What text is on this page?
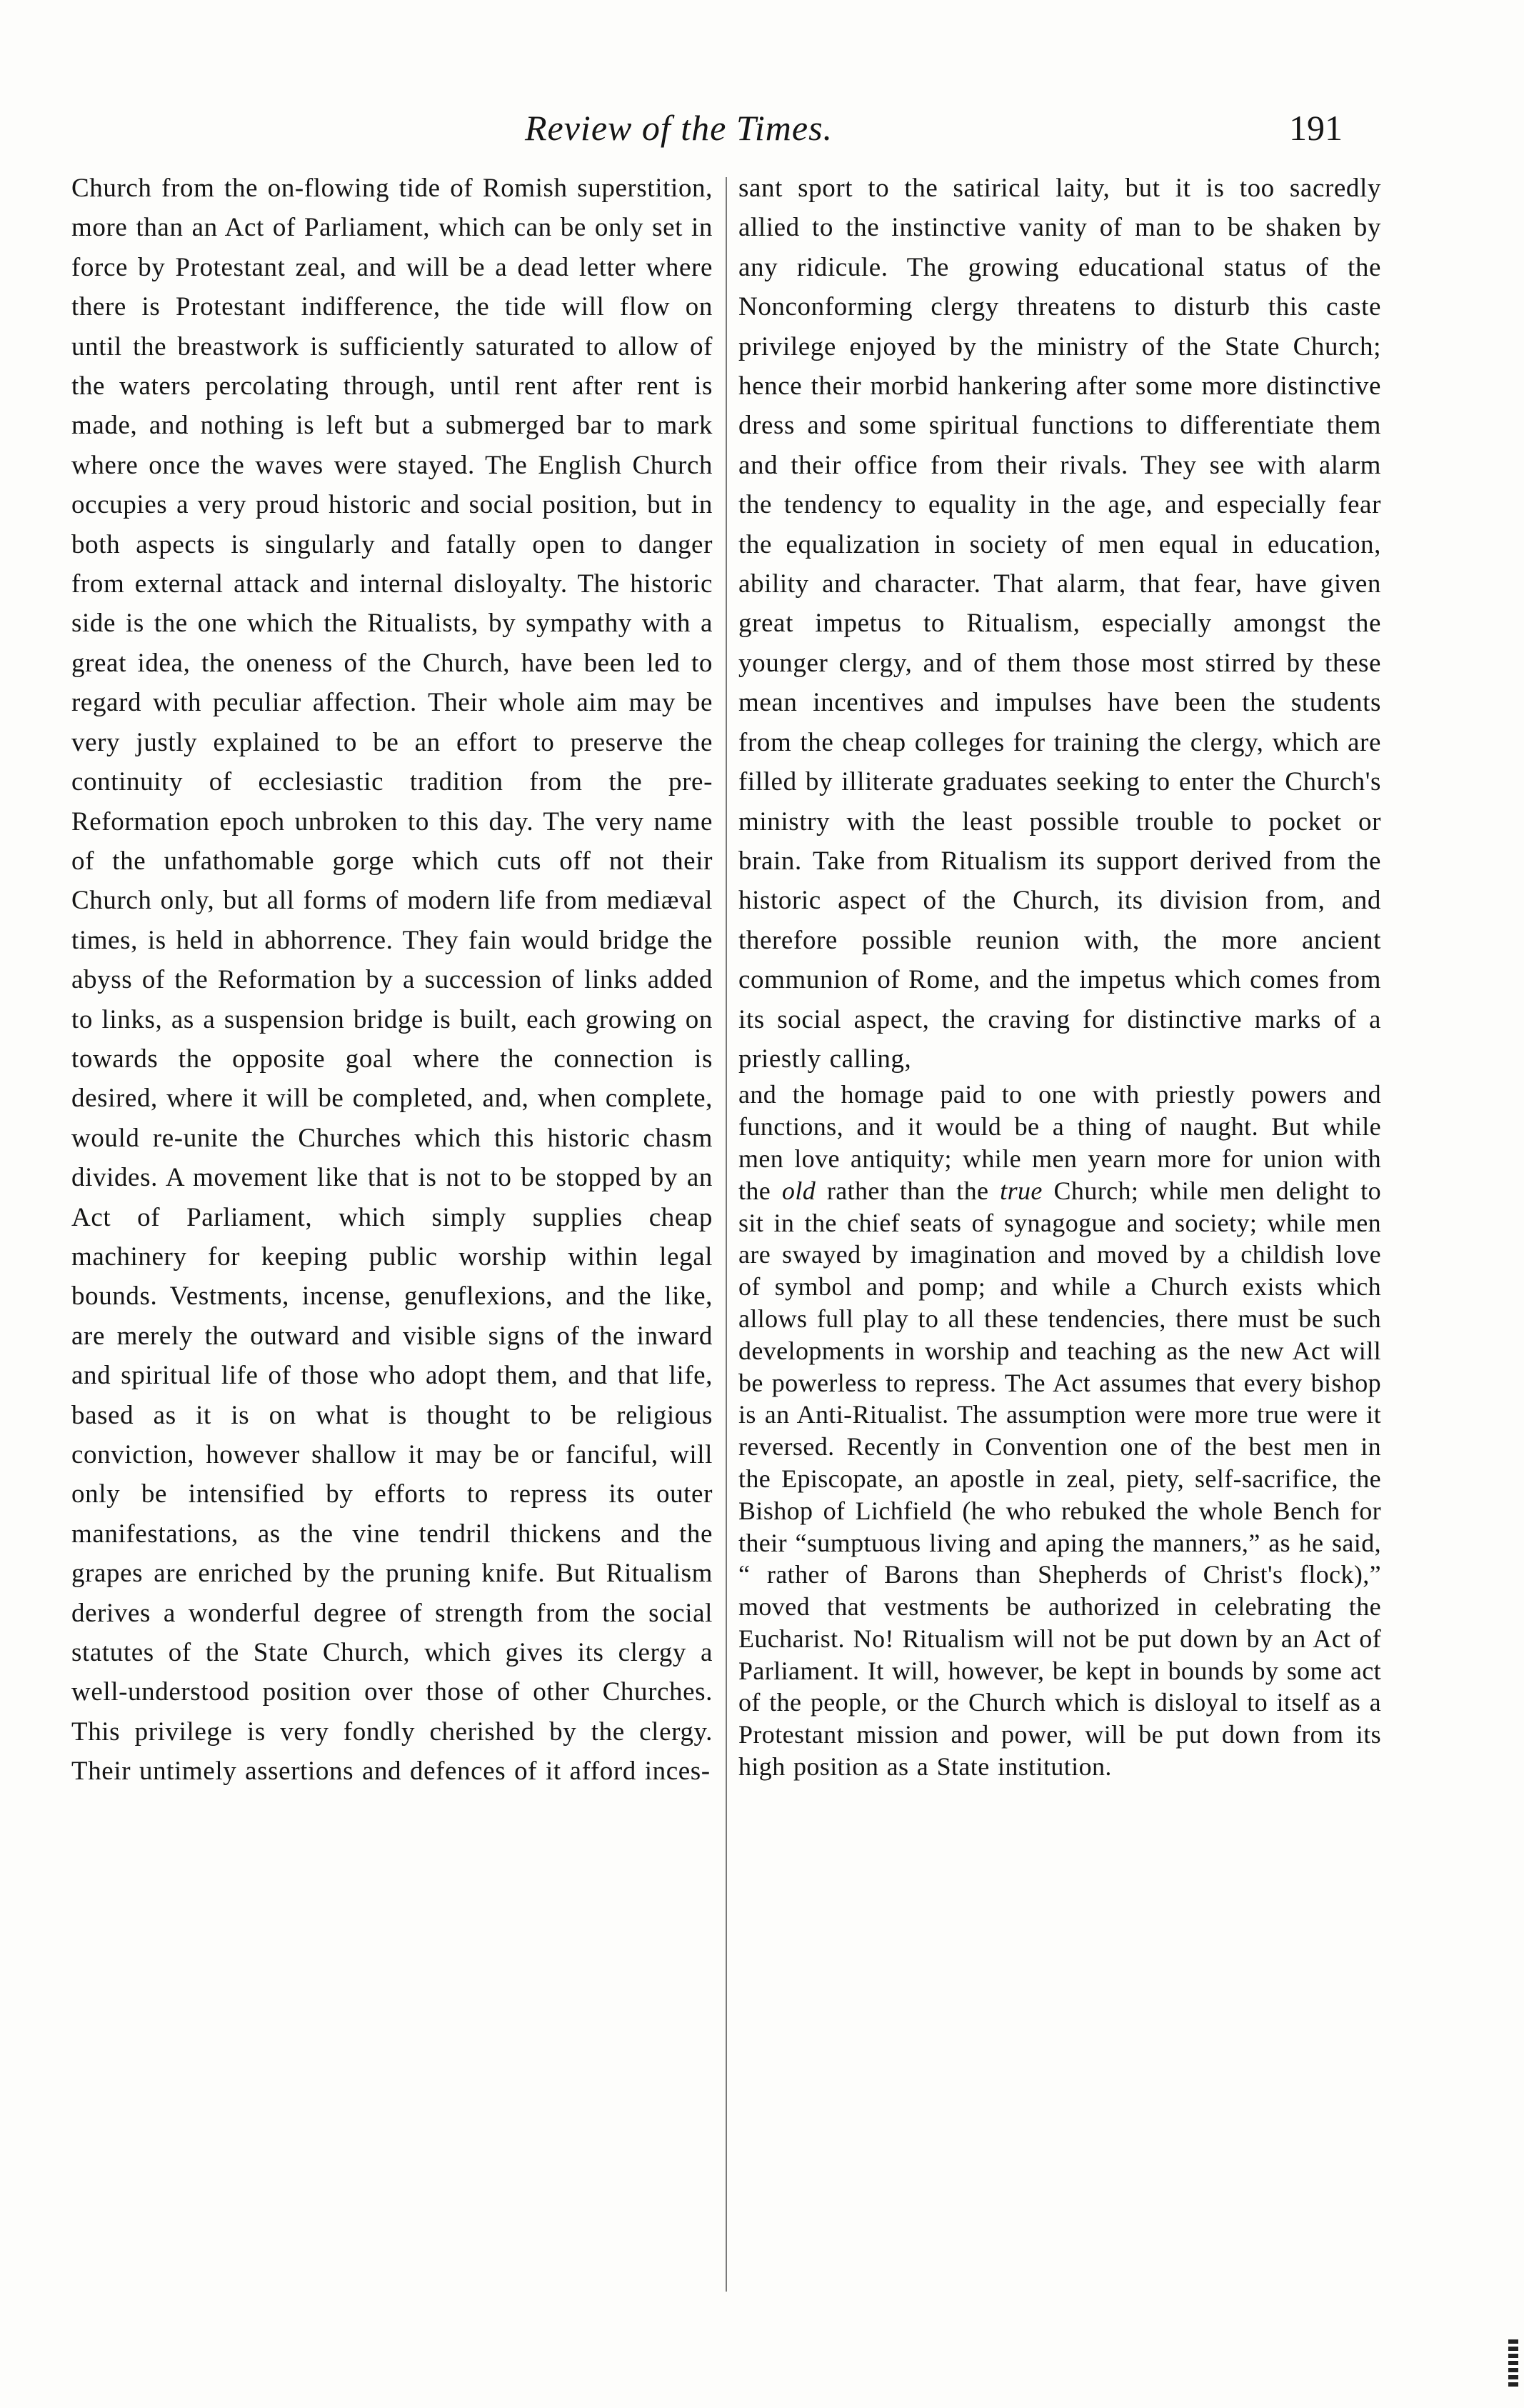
Review of the Times.	191

Church from the on-flowing tide of Romish superstition, more than an Act of Parliament, which can be only set in force by Protestant zeal, and will be a dead letter where there is Protestant indifference, the tide will flow on until the breastwork is sufficiently saturated to allow of the waters percolating through, until rent after rent is made, and nothing is left but a submerged bar to mark where once the waves were stayed. The English Church occupies a very proud historic and social position, but in both aspects is singularly and fatally open to danger from external attack and internal disloyalty. The historic side is the one which the Ritualists, by sympathy with a great idea, the oneness of the Church, have been led to regard with peculiar affection. Their whole aim may be very justly explained to be an effort to preserve the continuity of ecclesiastic tradition from the pre-Reformation epoch unbroken to this day. The very name of the unfathomable gorge which cuts off not their Church only, but all forms of modern life from mediæval times, is held in abhorrence. They fain would bridge the abyss of the Reformation by a succession of links added to links, as a suspension bridge is built, each growing on towards the opposite goal where the connection is desired, where it will be completed, and, when complete, would re-unite the Churches which this historic chasm divides. A movement like that is not to be stopped by an Act of Parliament, which simply supplies cheap machinery for keeping public worship within legal bounds. Vestments, incense, genuflexions, and the like, are merely the outward and visible signs of the inward and spiritual life of those who adopt them, and that life, based as it is on what is thought to be religious conviction, however shallow it may be or fanciful, will only be intensified by efforts to repress its outer manifestations, as the vine tendril thickens and the grapes are enriched by the pruning knife. But Ritualism derives a wonderful degree of strength from the social statutes of the State Church, which gives its clergy a well-understood position over those of other Churches. This privilege is very fondly cherished by the clergy. Their untimely assertions and defences of it afford inces-

sant sport to the satirical laity, but it is too sacredly allied to the instinctive vanity of man to be shaken by any ridicule. The growing educational status of the Nonconforming clergy threatens to disturb this caste privilege enjoyed by the ministry of the State Church; hence their morbid hankering after some more distinctive dress and some spiritual functions to differentiate them and their office from their rivals. They see with alarm the tendency to equality in the age, and especially fear the equalization in society of men equal in education, ability and character. That alarm, that fear, have given great impetus to Ritualism, especially amongst the younger clergy, and of them those most stirred by these mean incentives and impulses have been the students from the cheap colleges for training the clergy, which are filled by illiterate graduates seeking to enter the Church's ministry with the least possible trouble to pocket or brain. Take from Ritualism its support derived from the historic aspect of the Church, its division from, and therefore possible reunion with, the more ancient communion of Rome, and the impetus which comes from its social aspect, the craving for distinctive marks of a priestly calling,

and the homage paid to one with priestly powers and functions, and it would be a thing of naught. But while men love antiquity; while men yearn more for union with the old rather than the true Church; while men delight to sit in the chief seats of synagogue and society; while men are swayed by imagination and moved by a childish love of symbol and pomp; and while a Church exists which allows full play to all these tendencies, there must be such developments in worship and teaching as the new Act will be powerless to repress. The Act assumes that every bishop is an Anti-Ritualist. The assumption were more true were it reversed. Recently in Convention one of the best men in the Episcopate, an apostle in zeal, piety, self-sacrifice, the Bishop of Lichfield (he who rebuked the whole Bench for their “sumptuous living and aping the manners,” as he said, “ rather of Barons than Shepherds of Christ's flock),” moved that vestments be authorized in celebrating the Eucharist. No! Ritualism will not be put down by an Act of Parliament. It will, however, be kept in bounds by some act of the people, or the Church which is disloyal to itself as a Protestant mission and power, will be put down from its high position as a State institution.
